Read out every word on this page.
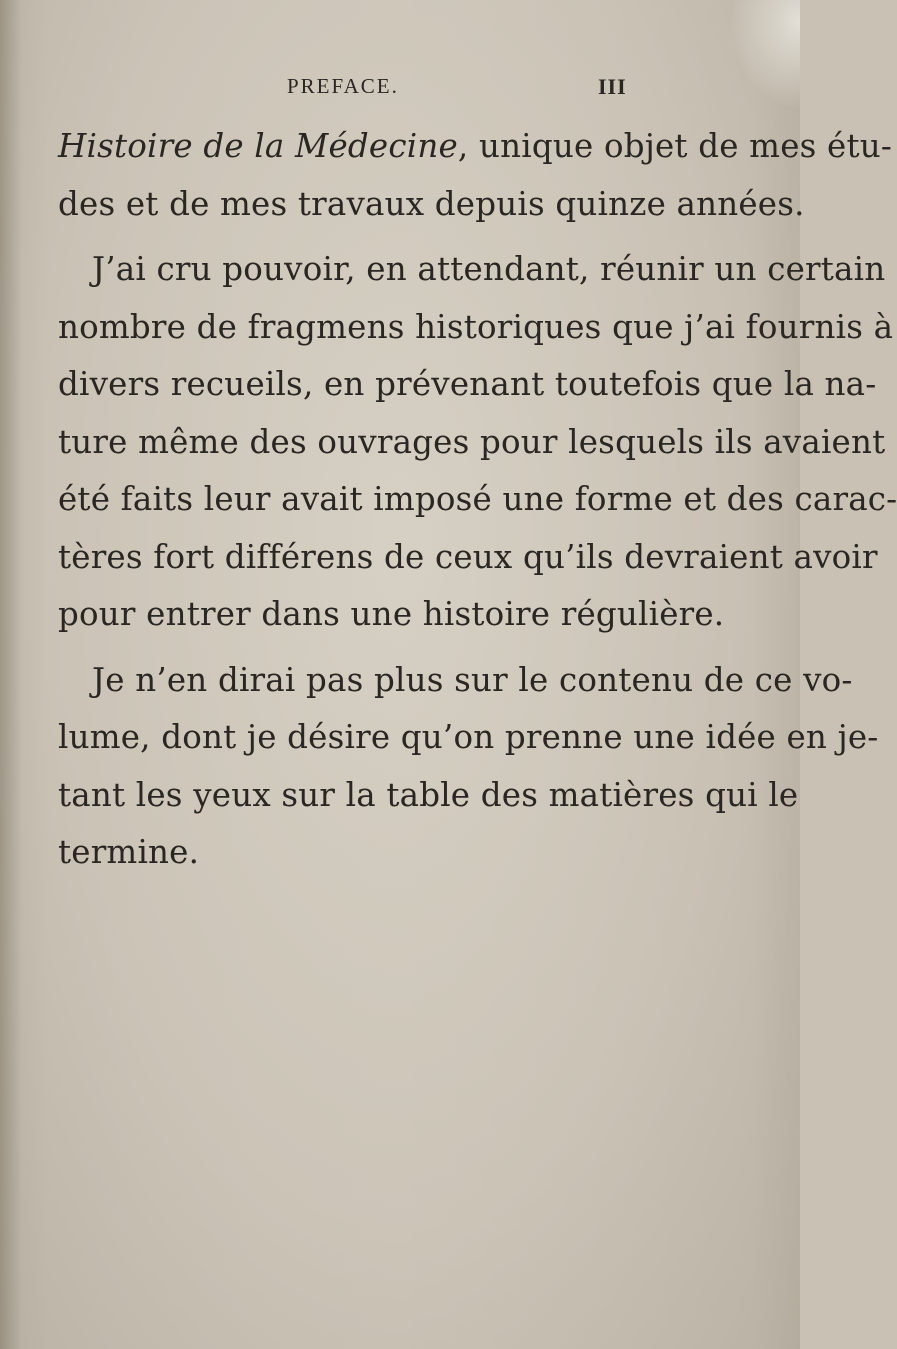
PREFACE.	III
Histoire de la Médecine, unique objet de mes étu-
des et de mes travaux depuis quinze années.
J’ai cru pouvoir, en attendant, réunir un certain
nombre de fragmens historiques que j’ai fournis à
divers recueils, en prévenant toutefois que la na-
ture même des ouvrages pour lesquels ils avaient
été faits leur avait imposé une forme et des carac-
tères fort différens de ceux qu’ils devraient avoir
pour entrer dans une histoire régulière.
Je n’en dirai pas plus sur le contenu de ce vo-
lume, dont je désire qu’on prenne une idée en je-
tant les yeux sur la table des matières qui le
termine.
